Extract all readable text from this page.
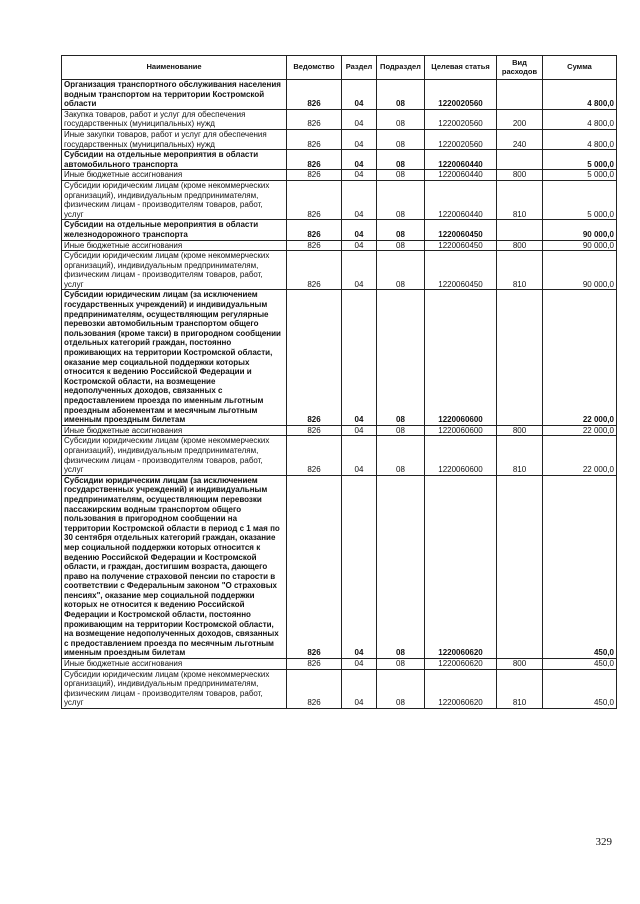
Наименование	Ведомство	Раздел	Подраздел	Целевая статья	Вид расходов	Сумма
Организация транспортного обслуживания населения водным транспортом на территории Костромской области	826	04	08	1220020560		4 800,0
Закупка товаров, работ и услуг для обеспечения государственных (муниципальных) нужд	826	04	08	1220020560	200	4 800,0
Иные закупки товаров, работ и услуг для обеспечения государственных (муниципальных) нужд	826	04	08	1220020560	240	4 800,0
Субсидии на отдельные мероприятия в области автомобильного транспорта	826	04	08	1220060440		5 000,0
Иные бюджетные ассигнования	826	04	08	1220060440	800	5 000,0
Субсидии юридическим лицам (кроме некоммерческих организаций), индивидуальным предпринимателям, физическим лицам - производителям товаров, работ, услуг	826	04	08	1220060440	810	5 000,0
Субсидии на отдельные мероприятия в области железнодорожного транспорта	826	04	08	1220060450		90 000,0
Иные бюджетные ассигнования	826	04	08	1220060450	800	90 000,0
Субсидии юридическим лицам (кроме некоммерческих организаций), индивидуальным предпринимателям, физическим лицам - производителям товаров, работ, услуг	826	04	08	1220060450	810	90 000,0
Субсидии юридическим лицам (за исключением государственных учреждений) и индивидуальным предпринимателям, осуществляющим регулярные перевозки автомобильным транспортом общего пользования (кроме такси) в пригородном сообщении отдельных категорий граждан, постоянно проживающих на территории Костромской области, оказание мер социальной поддержки которых относится к ведению Российской Федерации и Костромской области, на возмещение недополученных доходов, связанных с предоставлением проезда по именным льготным проездным абонементам и месячным льготным именным проездным билетам	826	04	08	1220060600		22 000,0
Иные бюджетные ассигнования	826	04	08	1220060600	800	22 000,0
Субсидии юридическим лицам (кроме некоммерческих организаций), индивидуальным предпринимателям, физическим лицам - производителям товаров, работ, услуг	826	04	08	1220060600	810	22 000,0
Субсидии юридическим лицам (за исключением государственных учреждений) и индивидуальным предпринимателям, осуществляющим перевозки пассажирским водным транспортом общего пользования в пригородном сообщении на территории Костромской области в период с 1 мая по 30 сентября отдельных категорий граждан, оказание мер социальной поддержки которых относится к ведению Российской Федерации и Костромской области, и граждан, достигшим возраста, дающего право на получение страховой пенсии по старости в соответствии с Федеральным законом "О страховых пенсиях", оказание мер социальной поддержки которых не относится к ведению Российской Федерации и Костромской области, постоянно проживающим на территории Костромской области, на возмещение недополученных доходов, связанных с предоставлением проезда по месячным льготным именным проездным билетам	826	04	08	1220060620		450,0
Иные бюджетные ассигнования	826	04	08	1220060620	800	450,0
Субсидии юридическим лицам (кроме некоммерческих организаций), индивидуальным предпринимателям, физическим лицам - производителям товаров, работ, услуг	826	04	08	1220060620	810	450,0
329
